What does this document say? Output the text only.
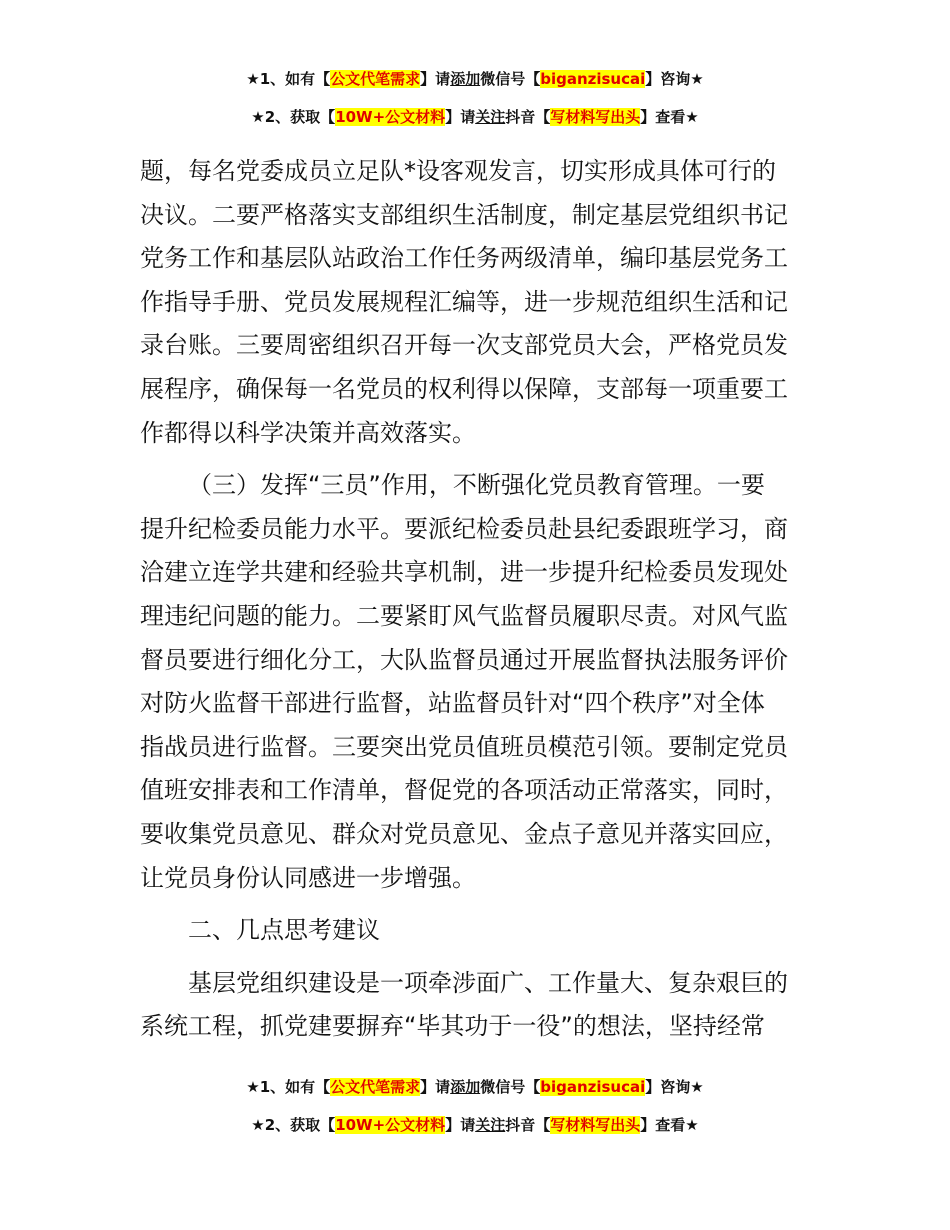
★1、如有【公文代笔需求】请添加微信号【biganzisucai】咨询★
★2、获取【10W+公文材料】请关注抖音【写材料写出头】查看★

题，每名党委成员立足队*设客观发言，切实形成具体可行的

决议。二要严格落实支部组织生活制度，制定基层党组织书记

党务工作和基层队站政治工作任务两级清单，编印基层党务工

作指导手册、党员发展规程汇编等，进一步规范组织生活和记

录台账。三要周密组织召开每一次支部党员大会，严格党员发

展程序，确保每一名党员的权利得以保障，支部每一项重要工

作都得以科学决策并高效落实。

（三）发挥“三员”作用，不断强化党员教育管理。一要

提升纪检委员能力水平。要派纪检委员赴县纪委跟班学习，商

洽建立连学共建和经验共享机制，进一步提升纪检委员发现处

理违纪问题的能力。二要紧盯风气监督员履职尽责。对风气监

督员要进行细化分工，大队监督员通过开展监督执法服务评价

对防火监督干部进行监督，站监督员针对“四个秩序”对全体

指战员进行监督。三要突出党员值班员模范引领。要制定党员

值班安排表和工作清单，督促党的各项活动正常落实，同时，

要收集党员意见、群众对党员意见、金点子意见并落实回应，

让党员身份认同感进一步增强。

二、几点思考建议

基层党组织建设是一项牵涉面广、工作量大、复杂艰巨的

系统工程，抓党建要摒弃“毕其功于一役”的想法，坚持经常

★1、如有【公文代笔需求】请添加微信号【biganzisucai】咨询★
★2、获取【10W+公文材料】请关注抖音【写材料写出头】查看★
